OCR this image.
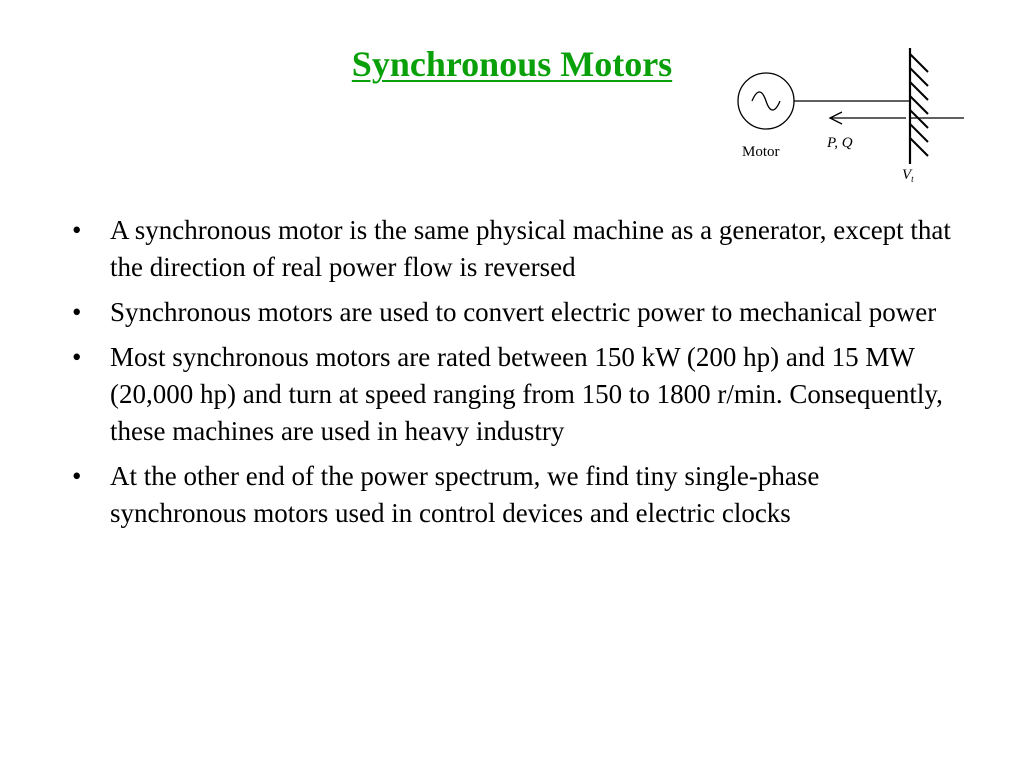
Synchronous Motors
Motor
P, Q
$V_t$
• A synchronous motor is the same physical machine as a generator, except that the direction of real power flow is reversed
• Synchronous motors are used to convert electric power to mechanical power
• Most synchronous motors are rated between 150 kW (200 hp) and 15 MW (20,000 hp) and turn at speed ranging from 150 to 1800 r/min. Consequently, these machines are used in heavy industry
• At the other end of the power spectrum, we find tiny single-phase synchronous motors used in control devices and electric clocks
